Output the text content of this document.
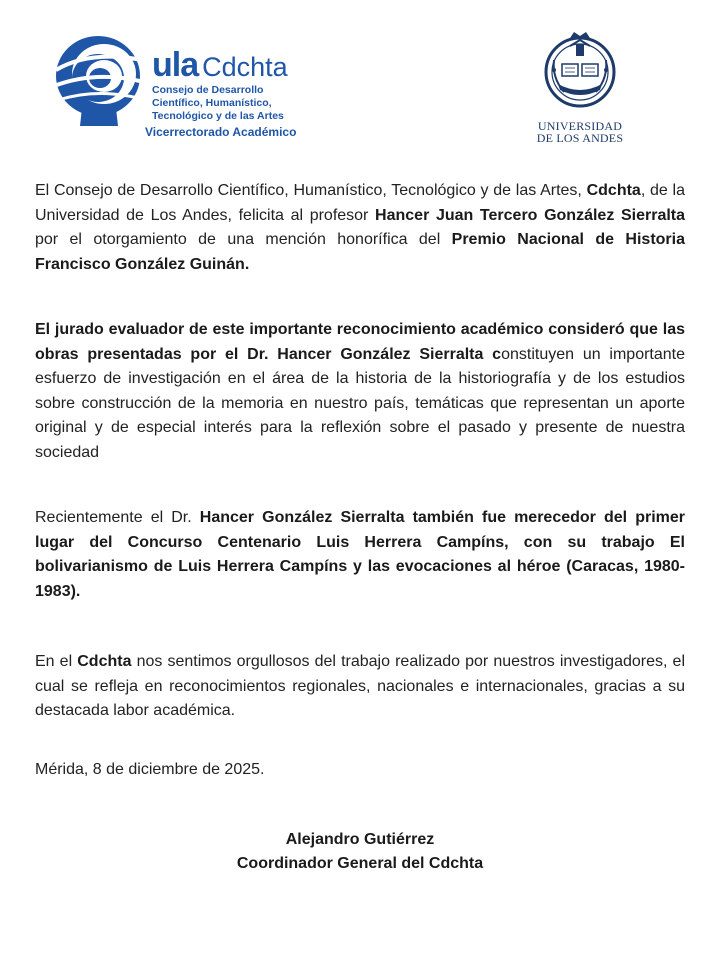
ula Cdchta
Consejo de Desarrollo
Científico, Humanístico,
Tecnológico y de las Artes
Vicerrectorado Académico	UNIVERSIDAD
DE LOS ANDES

El Consejo de Desarrollo Científico, Humanístico, Tecnológico y de las Artes, Cdchta, de la Universidad de Los Andes, felicita al profesor Hancer Juan Tercero González Sierralta por el otorgamiento de una mención honorífica del Premio Nacional de Historia Francisco González Guinán.

El jurado evaluador de este importante reconocimiento académico consideró que las obras presentadas por el Dr. Hancer González Sierralta constituyen un importante esfuerzo de investigación en el área de la historia de la historiografía y de los estudios sobre construcción de la memoria en nuestro país, temáticas que representan un aporte original y de especial interés para la reflexión sobre el pasado y presente de nuestra sociedad

Recientemente el Dr. Hancer González Sierralta también fue merecedor del primer lugar del Concurso Centenario Luis Herrera Campíns, con su trabajo El bolivarianismo de Luis Herrera Campíns y las evocaciones al héroe (Caracas, 1980-1983).

En el Cdchta nos sentimos orgullosos del trabajo realizado por nuestros investigadores, el cual se refleja en reconocimientos regionales, nacionales e internacionales, gracias a su destacada labor académica.

Mérida, 8 de diciembre de 2025.

Alejandro Gutiérrez
Coordinador General del Cdchta
